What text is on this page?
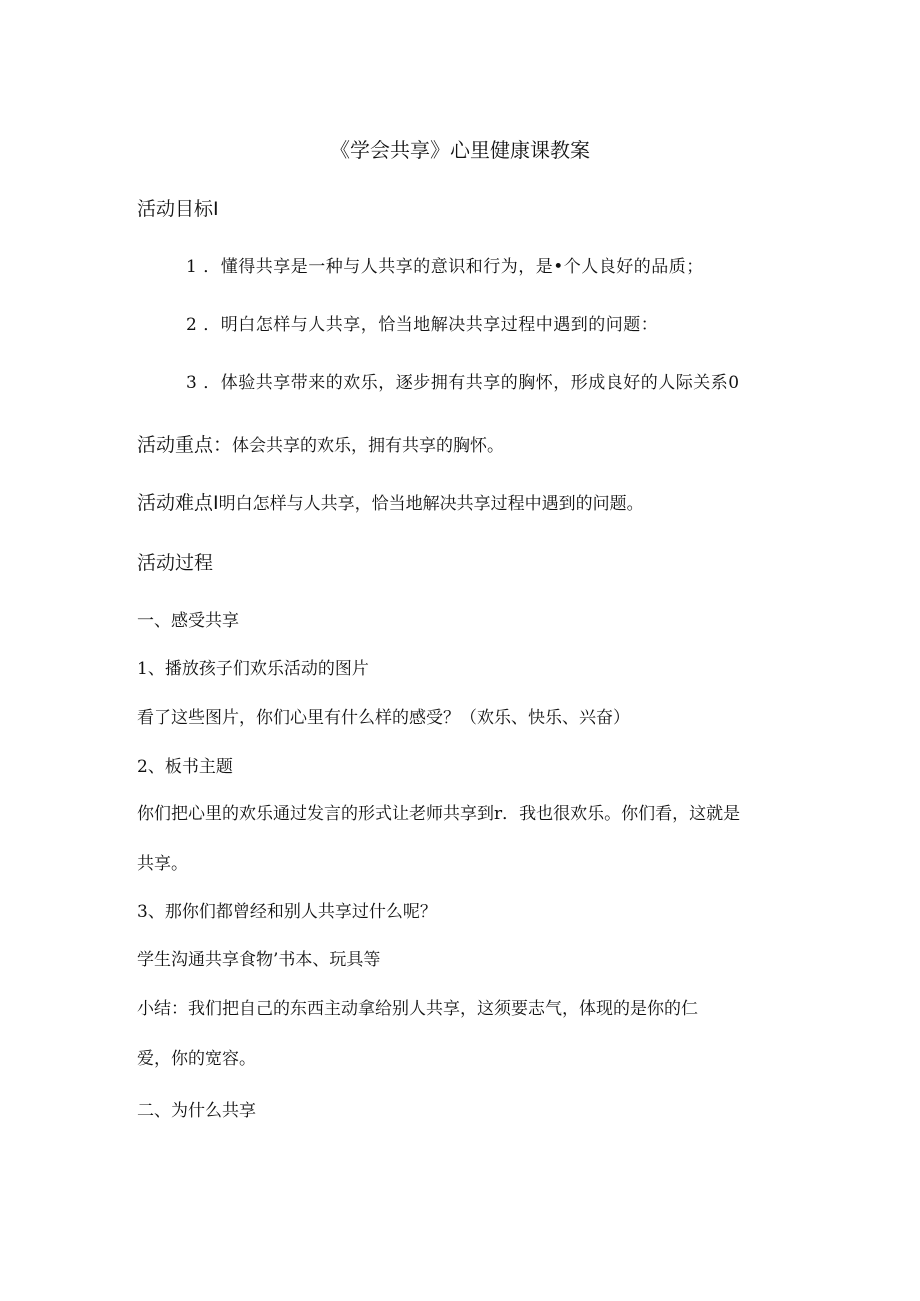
《学会共享》心里健康课教案
活动目标I
1 ．懂得共享是一种与人共享的意识和行为，是•个人良好的品质；
2 ．明白怎样与人共享，恰当地解决共享过程中遇到的问题：
3 ．体验共享带来的欢乐，逐步拥有共享的胸怀，形成良好的人际关系0
活动重点：体会共享的欢乐，拥有共享的胸怀。
活动难点I明白怎样与人共享，恰当地解决共享过程中遇到的问题。
活动过程
一、感受共享
1、播放孩子们欢乐活动的图片
看了这些图片，你们心里有什么样的感受？（欢乐、快乐、兴奋）
2、板书主题
你们把心里的欢乐通过发言的形式让老师共享到r．我也很欢乐。你们看，这就是
共享。
3、那你们都曾经和别人共享过什么呢？
学生沟通共享食物’书本、玩具等
小结：我们把自己的东西主动拿给别人共享，这须要志气，体现的是你的仁
爱，你的宽容。
二、为什么共享
